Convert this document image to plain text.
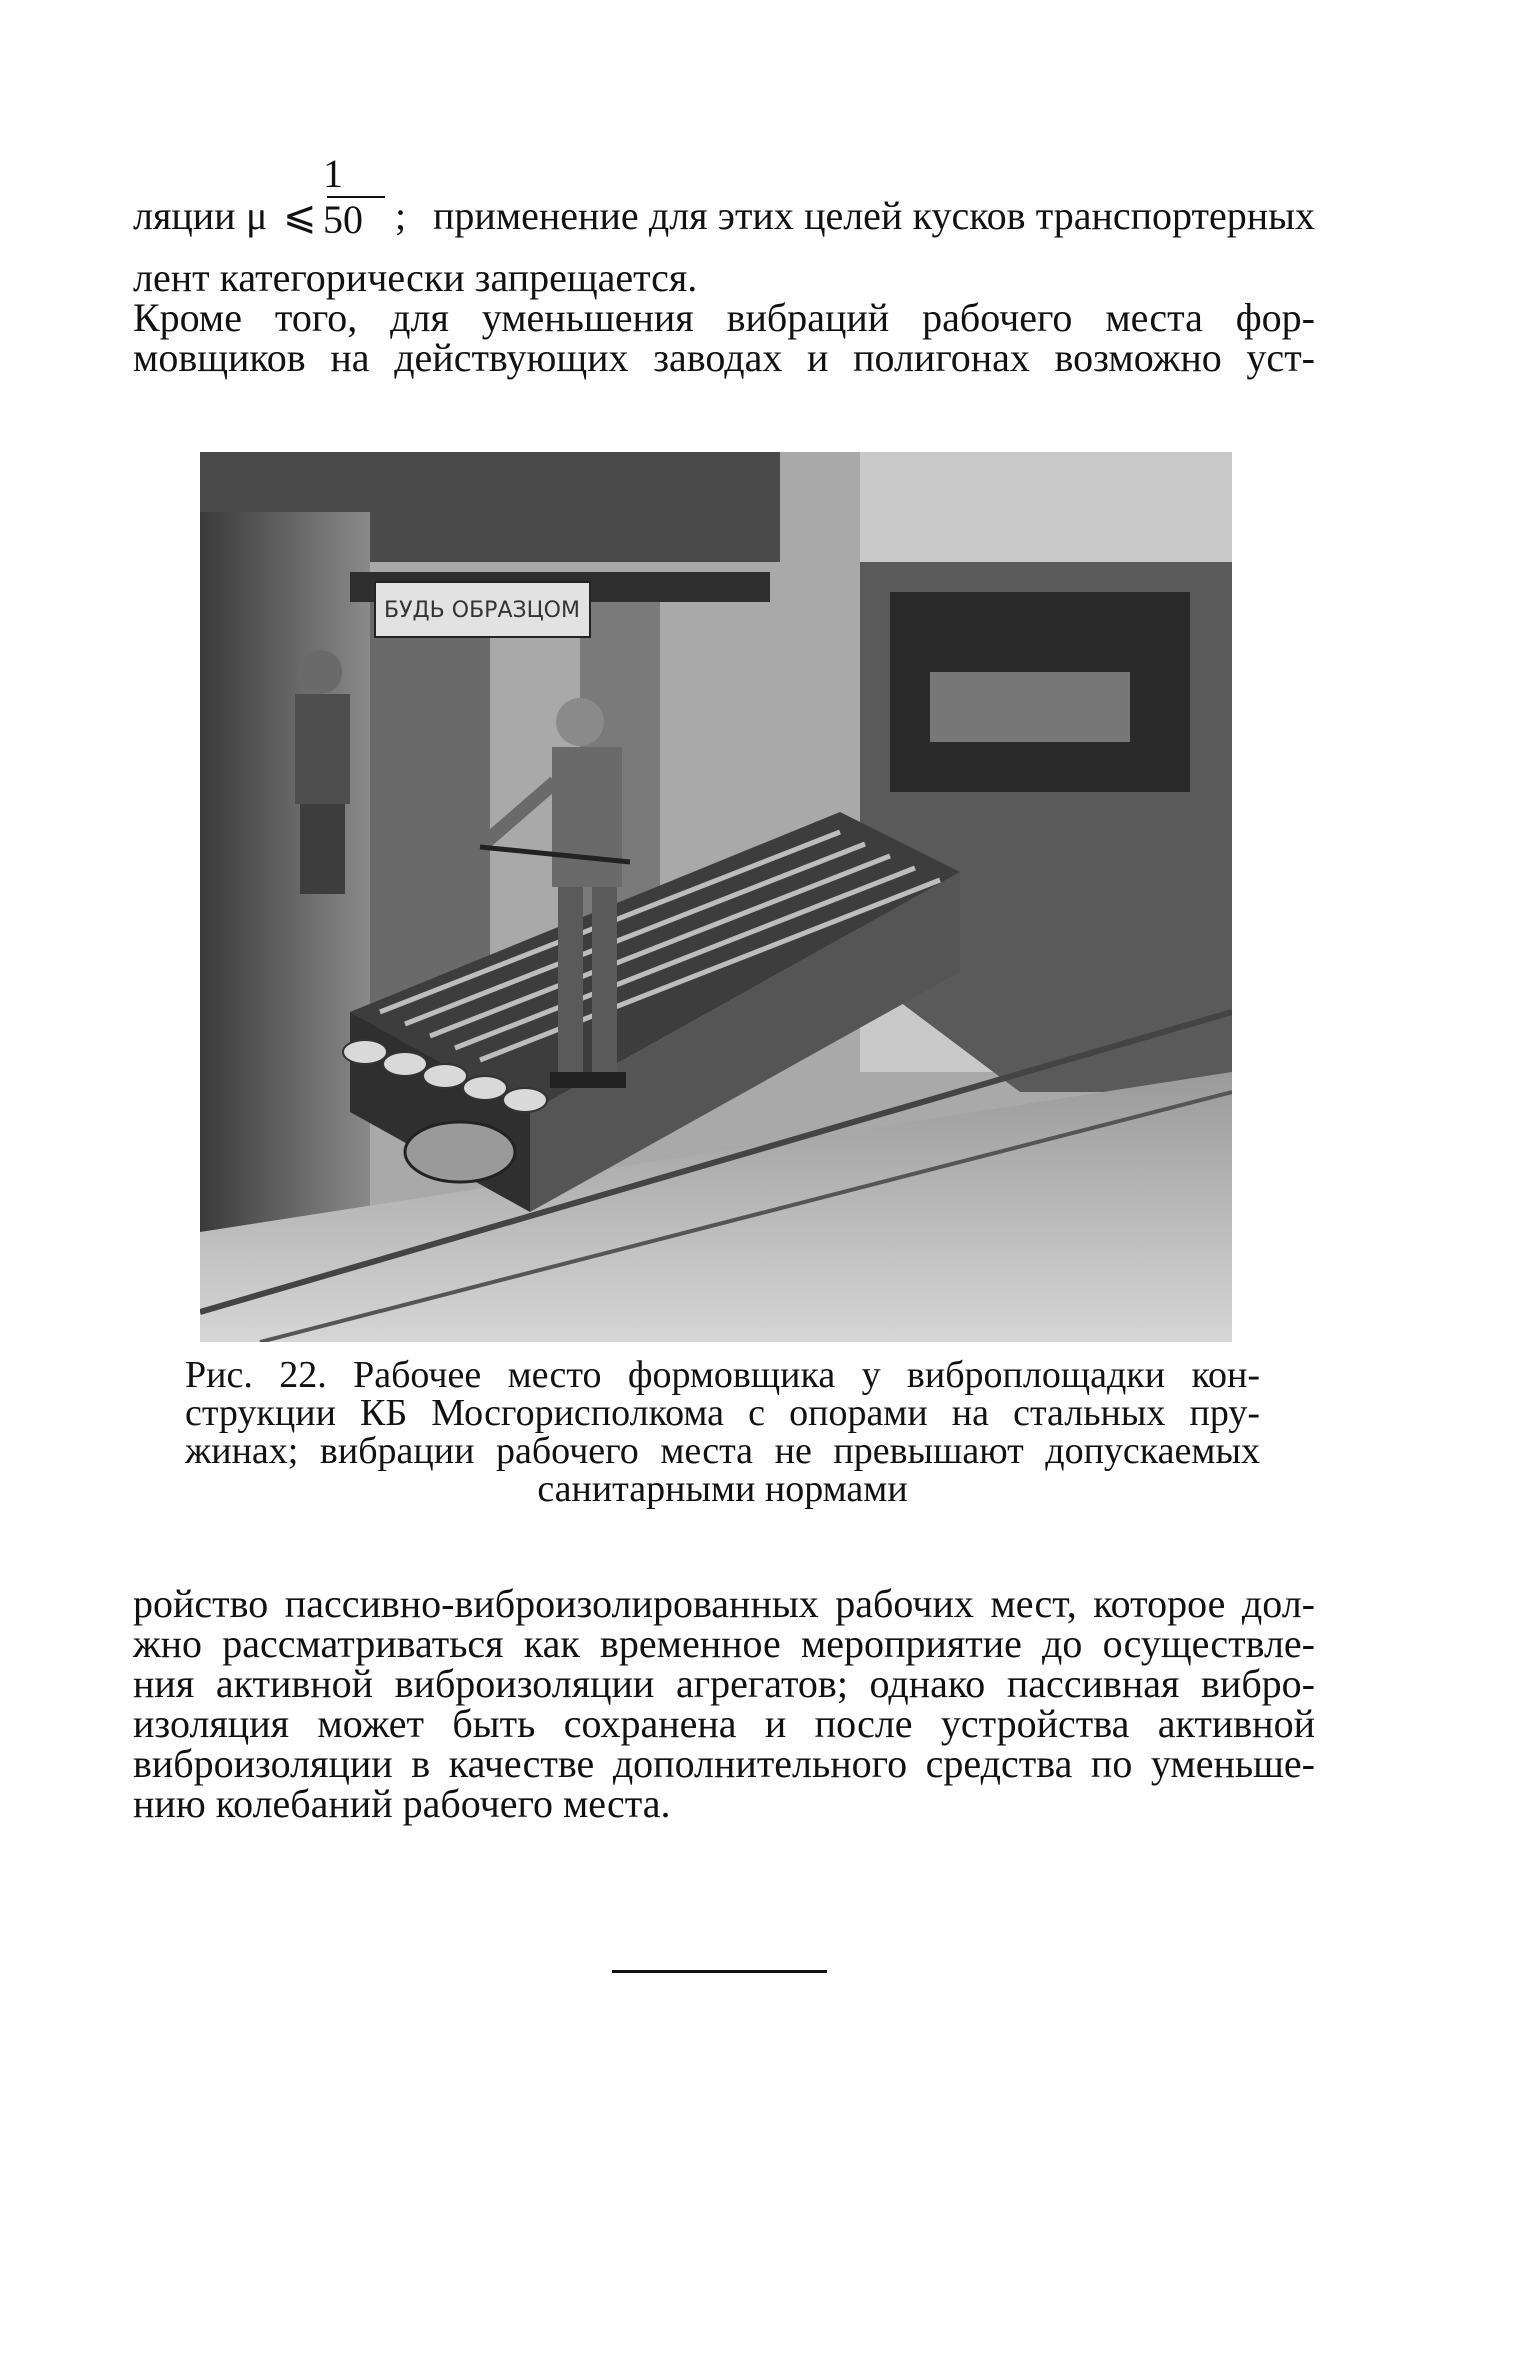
ляции μ ⩽
1
50 ; применение для этих целей кусков транспортерных
лент категорически запрещается.
Кроме того, для уменьшения вибраций рабочего места фор-
мовщиков на действующих заводах и полигонах возможно уст-
БУДЬ ОБРАЗЦОМ
Рис. 22. Рабочее место формовщика у виброплощадки кон-
струкции КБ Мосгорисполкома с опорами на стальных пру-
жинах; вибрации рабочего места не превышают допускаемых
санитарными нормами
ройство пассивно-виброизолированных рабочих мест, которое дол-
жно рассматриваться как временное мероприятие до осуществле-
ния активной виброизоляции агрегатов; однако пассивная вибро-
изоляция может быть сохранена и после устройства активной
виброизоляции в качестве дополнительного средства по уменьше-
нию колебаний рабочего места.
